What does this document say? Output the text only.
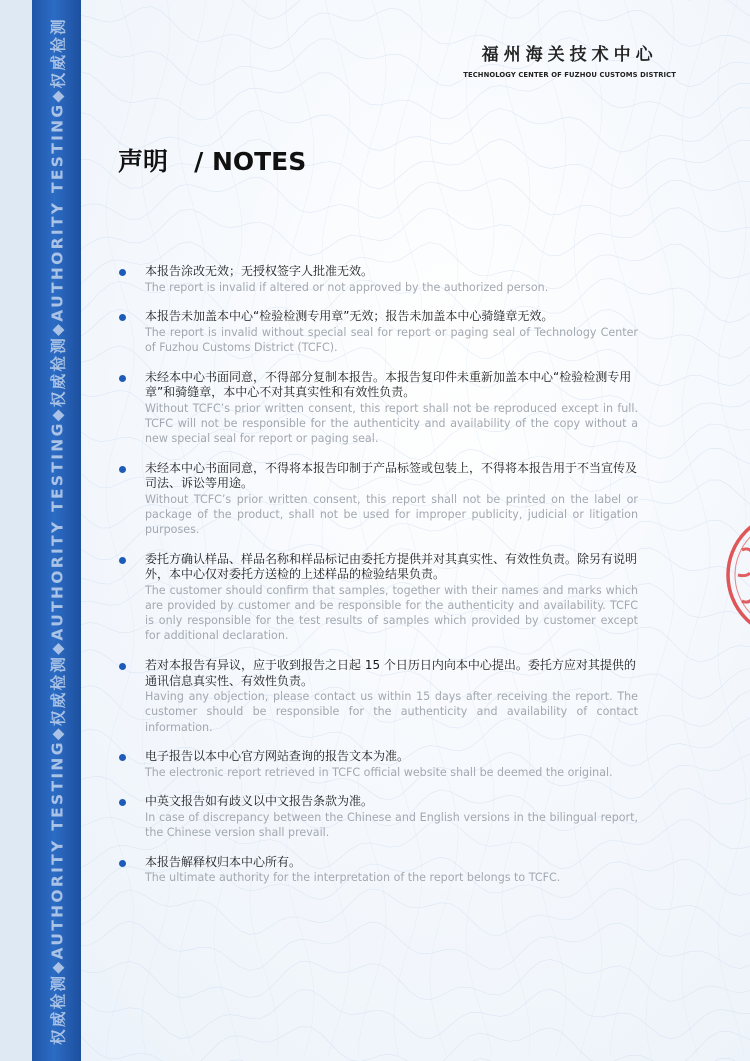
权威检测
◆
AUTHORITY TESTING
◆
权威检测
◆
AUTHORITY TESTING
◆
权威检测
◆
AUTHORITY TESTING
◆
权威检测	福州海关技术中心
TECHNOLOGY CENTER OF FUZHOU CUSTOMS DISTRICT
声明   / NOTES
本报告涂改无效；无授权签字人批准无效。
The report is invalid if altered or not approved by the authorized person.
本报告未加盖本中心“检验检测专用章”无效；报告未加盖本中心骑缝章无效。
The report is invalid without special seal for report or paging seal of Technology Center of Fuzhou Customs District (TCFC).
未经本中心书面同意，不得部分复制本报告。本报告复印件未重新加盖本中心“检验检测专用章”和骑缝章，本中心不对其真实性和有效性负责。
Without TCFC’s prior written consent, this report shall not be reproduced except in full. TCFC will not be responsible for the authenticity and availability of the copy without a new special seal for report or paging seal.
未经本中心书面同意，不得将本报告印制于产品标签或包装上，不得将本报告用于不当宣传及司法、诉讼等用途。
Without TCFC’s prior written consent, this report shall not be printed on the label or package of the product, shall not be used for improper publicity, judicial or litigation purposes.
委托方确认样品、样品名称和样品标记由委托方提供并对其真实性、有效性负责。除另有说明外，本中心仅对委托方送检的上述样品的检验结果负责。
The customer should confirm that samples, together with their names and marks which are provided by customer and be responsible for the authenticity and availability. TCFC is only responsible for the test results of samples which provided by customer except for additional declaration.
若对本报告有异议，应于收到报告之日起 15 个日历日内向本中心提出。委托方应对其提供的通讯信息真实性、有效性负责。
Having any objection, please contact us within 15 days after receiving the report. The customer should be responsible for the authenticity and availability of contact information.
电子报告以本中心官方网站查询的报告文本为准。
The electronic report retrieved in TCFC official website shall be deemed the original.
中英文报告如有歧义以中文报告条款为准。
In case of discrepancy between the Chinese and English versions in the bilingual report, the Chinese version shall prevail.
本报告解释权归本中心所有。
The ultimate authority for the interpretation of the report belongs to TCFC.
